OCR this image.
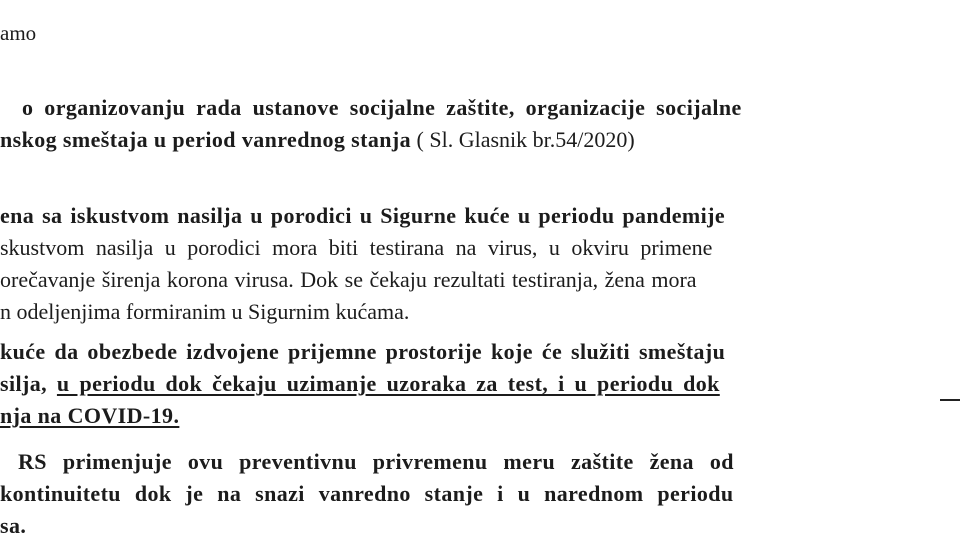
amo
o organizovanju rada ustanove socijalne zaštite, organizacije socijalne
nskog smeštaja u period vanrednog stanja ( Sl. Glasnik br.54/2020)
ena sa iskustvom nasilja u porodici u Sigurne kuće u periodu pandemije
skustvom nasilja u porodici mora biti testirana na virus, u okviru primene
orečavanje širenja korona virusa. Dok se čekaju rezultati testiranja, žena mora
n odeljenjima formiranim u Sigurnim kućama.
kuće da obezbede izdvojene prijemne prostorije koje će služiti smeštaju
silja, u periodu dok čekaju uzimanje uzoraka za test, i u periodu dok
nja na COVID-19.
RS primenjuje ovu preventivnu privremenu meru zaštite žena od
kontinuitetu dok je na snazi vanredno stanje i u narednom periodu
sa.
